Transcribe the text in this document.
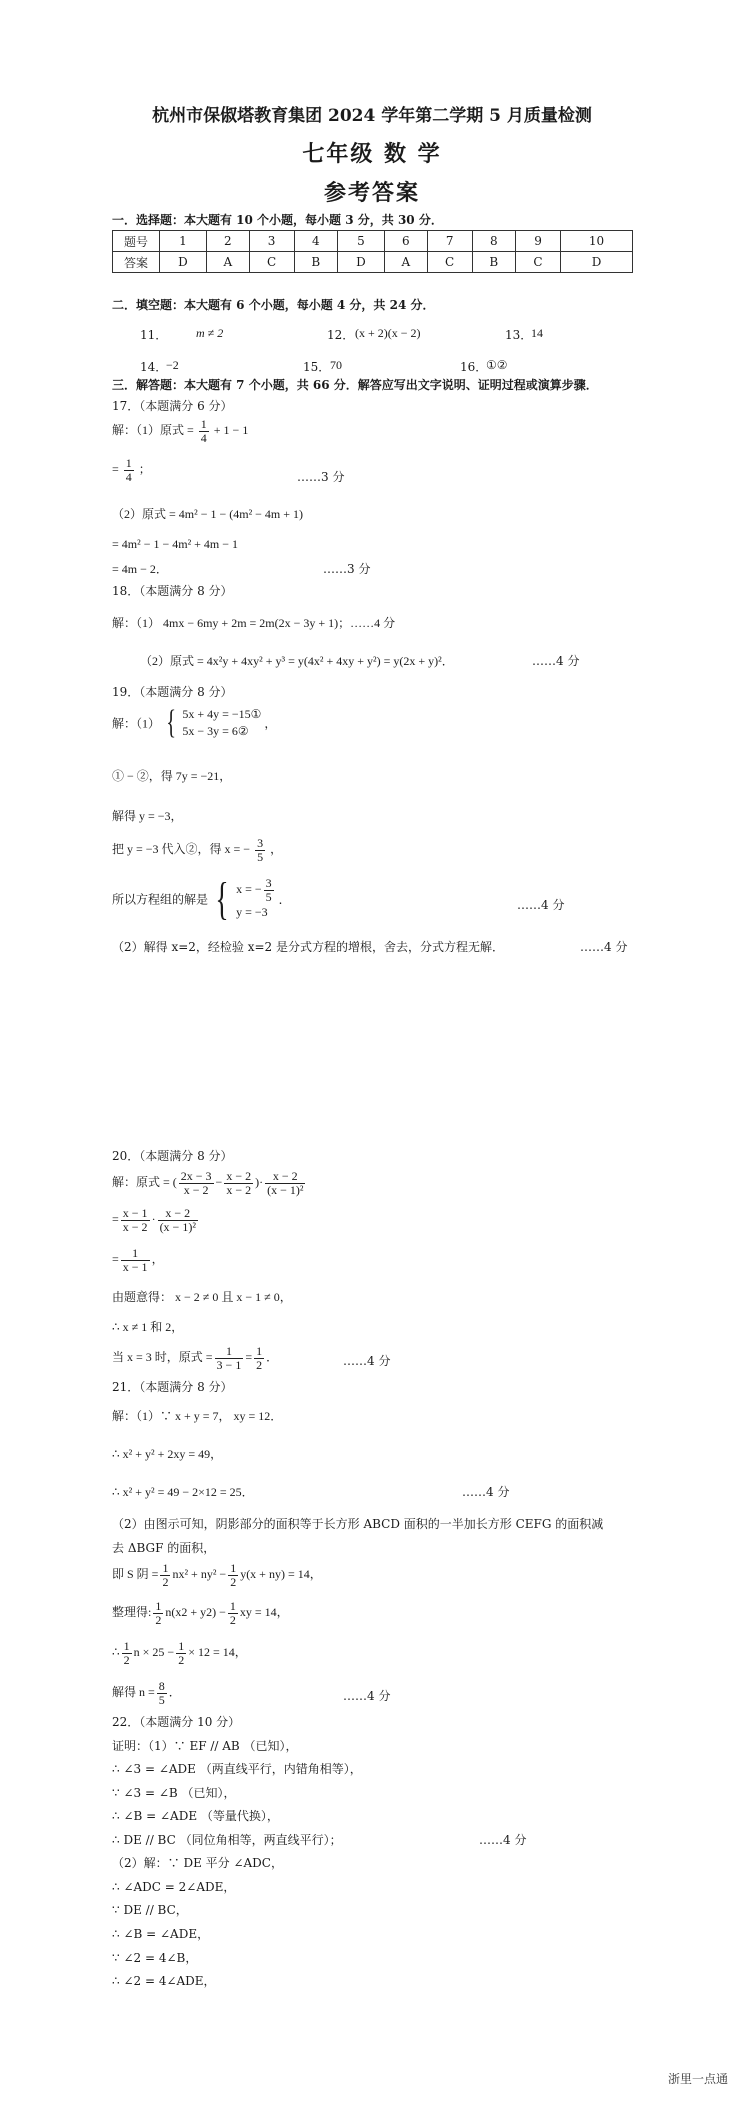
杭州市保俶塔教育集团 2024 学年第二学期 5 月质量检测
七年级 数 学
参考答案
一．选择题：本大题有 10 个小题，每小题 3 分，共 30 分．
题号	1	2	3	4	5	6	7	8	9	10
答案	D	A	C	B	D	A	C	B	C	D
二．填空题：本大题有 6 个小题，每小题 4 分，共 24 分．
11． m ≠ 2	12． (x + 2)(x − 2)	13．
14
14．
−2	15． 70	16．
①②
三．解答题：本大题有 7 个小题，共 66 分．解答应写出文字说明、证明过程或演算步骤．
17．（本题满分 6 分）
解：（1）原式 = $\frac{1}{4} + 1 - 1$
= $\frac{1}{4}$ ；
……3 分
（2）原式 = 4m² − 1 − (4m² − 4m + 1)
= 4m² − 1 − 4m² + 4m − 1
= 4m − 2．	……3 分
18．（本题满分 8 分）
解：（1） 4mx − 6my + 2m = 2m(2x − 3y + 1)；……4 分
（2）原式 = 4x²y + 4xy² + y³ = y(4x² + 4xy + y²) = y(2x + y)²．	……4 分
19．（本题满分 8 分）
解：（1） { 5x + 4y = −15①
5x − 3y = 6②
，
① − ②，得 7y = −21，
解得 y = −3，
把 y = −3 代入②，得 x = − $\frac{3}{5}$ ，
所以方程组的解是 { x = − $\frac{3}{5}$
y = −3
．	……4 分
（2）解得 x=2，经检验 x=2 是分式方程的增根，舍去，分式方程无解．	……4 分
20．（本题满分 8 分）
解：原式 = ( $\frac{2x - 3}{x - 2} - \frac{x - 2}{x - 2}$ )· $\frac{x - 2}{\text{(x − 1)²}}$
= $\frac{x - 1}{x - 2} \cdot \frac{x - 2}{\text{(x − 1)²}}$
= $\frac{1}{x - 1}$ ，
由题意得： x − 2 ≠ 0 且 x − 1 ≠ 0，
∴ x ≠ 1 和 2，
当 x = 3 时，原式 = $\frac{1}{3 - 1} = \frac{1}{2}$ ．	……4 分
21．（本题满分 8 分）
解：（1）∵ x + y = 7， xy = 12．
∴ x² + y² + 2xy = 49，
∴ x² + y² = 49 − 2×12 = 25．	……4 分
（2）由图示可知，阴影部分的面积等于长方形 ABCD 面积的一半加长方形 CEFG 的面积减
去 ΔBGF 的面积，
即 S 阴 = $\frac{1}{2} nx^2 + ny^2 - \frac{1}{2} y(x + ny) = 14$，
整理得: $\frac{1}{2} n(x2 + y2) - \frac{1}{2}$ xy = 14，
∴ $\frac{1}{2}$ $n \times 25 - \frac{1}{2} \times 12 = 14$，
解得 $n = \frac{8}{5}$ ．	……4 分
22．（本题满分 10 分）
证明：（1）∵ EF // AB （已知），
∴ ∠3 = ∠ADE （两直线平行，内错角相等），
∵ ∠3 = ∠B （已知），
∴ ∠B = ∠ADE （等量代换），
∴ DE // BC （同位角相等，两直线平行）；	……4 分
（2）解：∵ DE 平分 ∠ADC，
∴ ∠ADC = 2∠ADE，
∵ DE // BC，
∴ ∠B = ∠ADE，
∵ ∠2 = 4∠B，
∴ ∠2 = 4∠ADE，
浙里一点通
